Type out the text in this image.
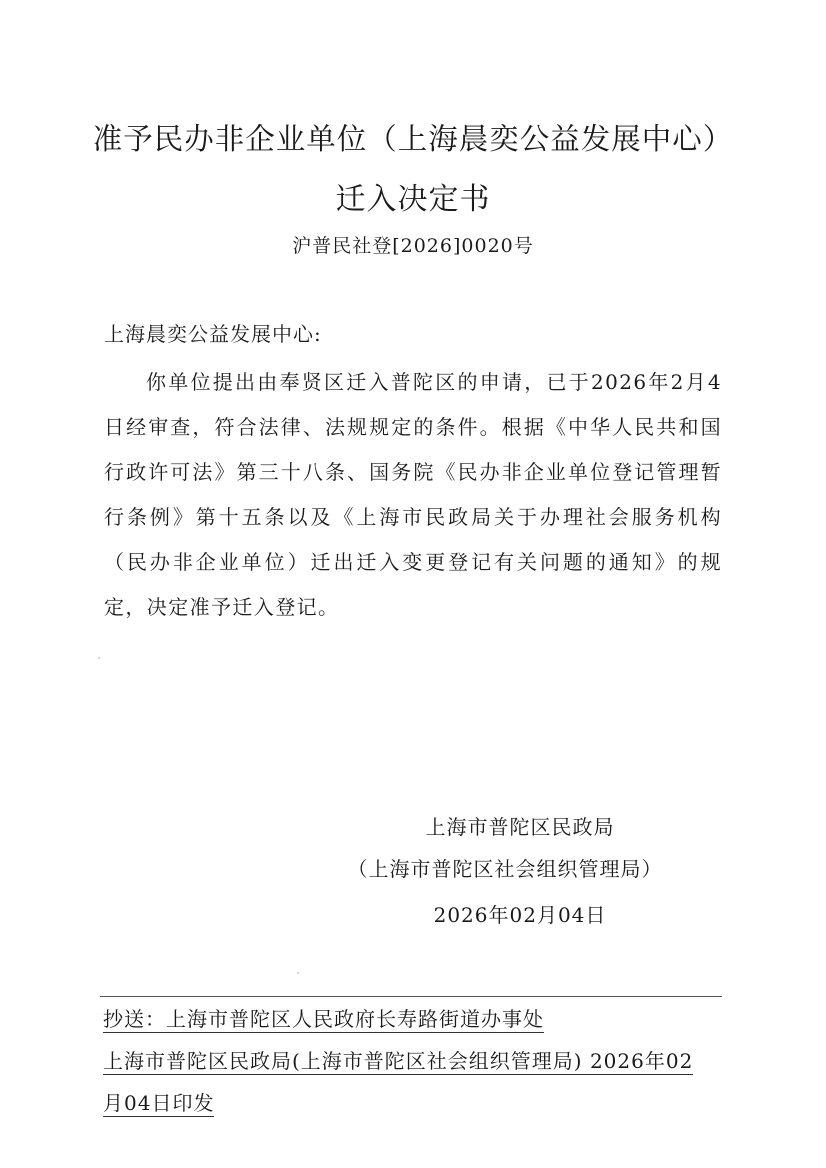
准予民办非企业单位（上海晨奕公益发展中心）
迁入决定书
沪普民社登[2026]0020号
上海晨奕公益发展中心:

你单位提出由奉贤区迁入普陀区的申请，已于2026年2月4日经审查，符合法律、法规规定的条件。根据《中华人民共和国行政许可法》第三十八条、国务院《民办非企业单位登记管理暂行条例》第十五条以及《上海市民政局关于办理社会服务机构（民办非企业单位）迁出迁入变更登记有关问题的通知》的规定，决定准予迁入登记。

上海市普陀区民政局
（上海市普陀区社会组织管理局）
2026年02月04日
抄送：上海市普陀区人民政府长寿路街道办事处
上海市普陀区民政局(上海市普陀区社会组织管理局) 2026年02
月04日印发
